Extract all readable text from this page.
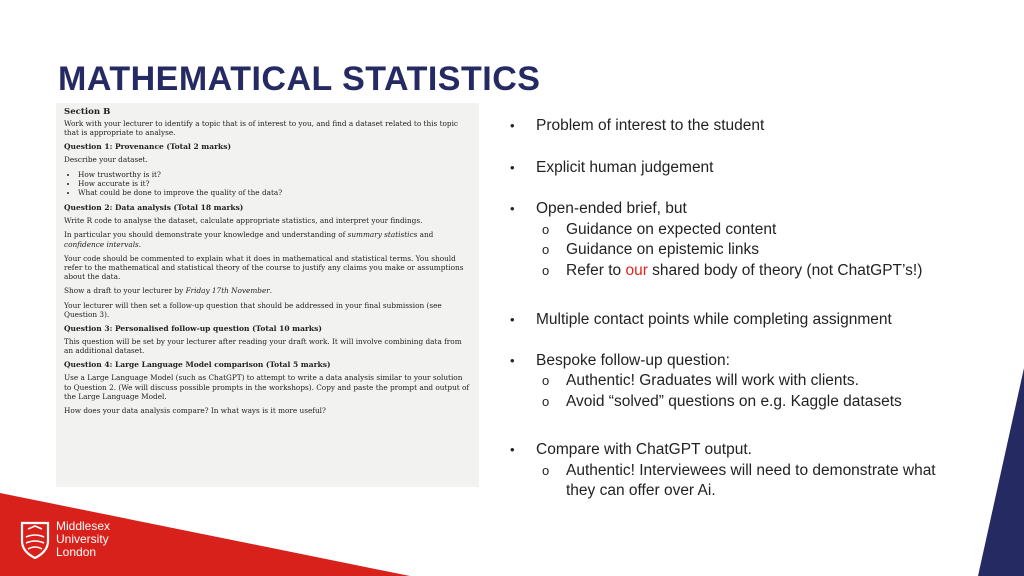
MATHEMATICAL STATISTICS
Section B
Work with your lecturer to identify a topic that is of interest to you, and find a dataset related to this topic that is appropriate to analyse.
Question 1: Provenance (Total 2 marks)
Describe your dataset.
• How trustworthy is it?
• How accurate is it?
• What could be done to improve the quality of the data?
Question 2: Data analysis (Total 18 marks)
Write R code to analyse the dataset, calculate appropriate statistics, and interpret your findings.
In particular you should demonstrate your knowledge and understanding of summary statistics and confidence intervals.
Your code should be commented to explain what it does in mathematical and statistical terms. You should refer to the mathematical and statistical theory of the course to justify any claims you make or assumptions about the data.
Show a draft to your lecturer by Friday 17th November.
Your lecturer will then set a follow-up question that should be addressed in your final submission (see Question 3).
Question 3: Personalised follow-up question (Total 10 marks)
This question will be set by your lecturer after reading your draft work. It will involve combining data from an additional dataset.
Question 4: Large Language Model comparison (Total 5 marks)
Use a Large Language Model (such as ChatGPT) to attempt to write a data analysis similar to your solution to Question 2. (We will discuss possible prompts in the workshops). Copy and paste the prompt and output of the Large Language Model.
How does your data analysis compare? In what ways is it more useful?
• Problem of interest to the student
• Explicit human judgement
• Open-ended brief, but
o Guidance on expected content
o Guidance on epistemic links
o Refer to our shared body of theory (not ChatGPT’s!)
• Multiple contact points while completing assignment
• Bespoke follow-up question:
o Authentic! Graduates will work with clients.
o Avoid “solved” questions on e.g. Kaggle datasets
• Compare with ChatGPT output.
o Authentic! Interviewees will need to demonstrate what
they can offer over Ai.
Middlesex
University
London
